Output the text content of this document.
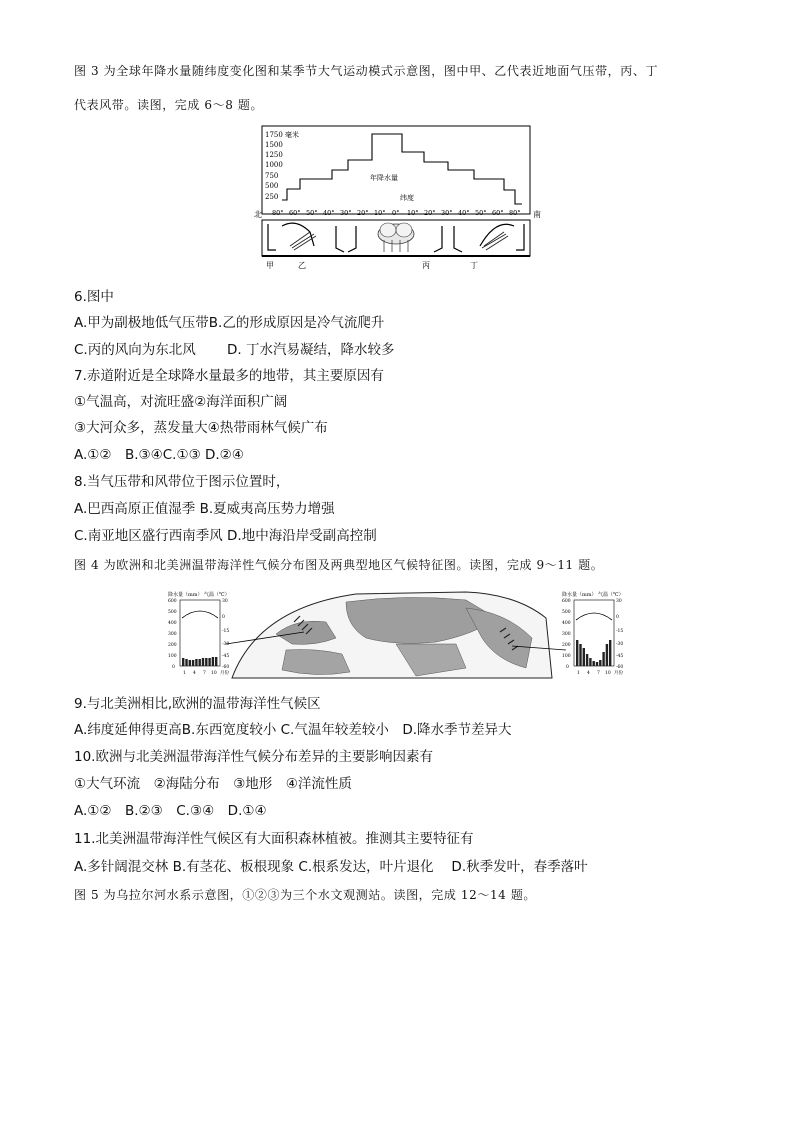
图 3 为全球年降水量随纬度变化图和某季节大气运动模式示意图，图中甲、乙代表近地面气压带，丙、丁
代表风带。读图，完成 6～8 题。
1750 毫米
1500
1250
1000
750
500
250
年降水量
纬度
北	南
80° 60° 50° 40° 30° 20° 10° 0° 10° 20° 30° 40° 50° 60° 80°
甲	乙	丙	丁
6.图中
A.甲为副极地低气压带B.乙的形成原因是冷气流爬升
C.丙的风向为东北风　　 D. 丁水汽易凝结，降水较多
7.赤道附近是全球降水量最多的地带，其主要原因有
①气温高，对流旺盛②海洋面积广阔
③大河众多，蒸发量大④热带雨林气候广布
A.①②　B.③④C.①③ D.②④
8.当气压带和风带位于图示位置时，
A.巴西高原正值湿季 B.夏威夷高压势力增强
C.南亚地区盛行西南季风 D.地中海沿岸受副高控制
图 4 为欧洲和北美洲温带海洋性气候分布图及两典型地区气候特征图。读图，完成 9～11 题。
降水量（mm） 气温（℃）
600
500
400
300
200
100
0
30
0
-15
-30
-45
-60
1 4 7 10 月份
降水量（mm） 气温（℃）
600
500
400
300
200
100
0
30
0
-15
-30
-45
-60
1 4 7 10 月份
9.与北美洲相比,欧洲的温带海洋性气候区
A.纬度延伸得更高B.东西宽度较小 C.气温年较差较小　D.降水季节差异大
10.欧洲与北美洲温带海洋性气候分布差异的主要影响因素有
①大气环流　②海陆分布　③地形　④洋流性质
A.①②　B.②③　C.③④　D.①④
11.北美洲温带海洋性气候区有大面积森林植被。推测其主要特征有
A.多针阔混交林 B.有茎花、板根现象 C.根系发达，叶片退化　 D.秋季发叶，春季落叶
图 5 为乌拉尔河水系示意图，①②③为三个水文观测站。读图，完成 12～14 题。
